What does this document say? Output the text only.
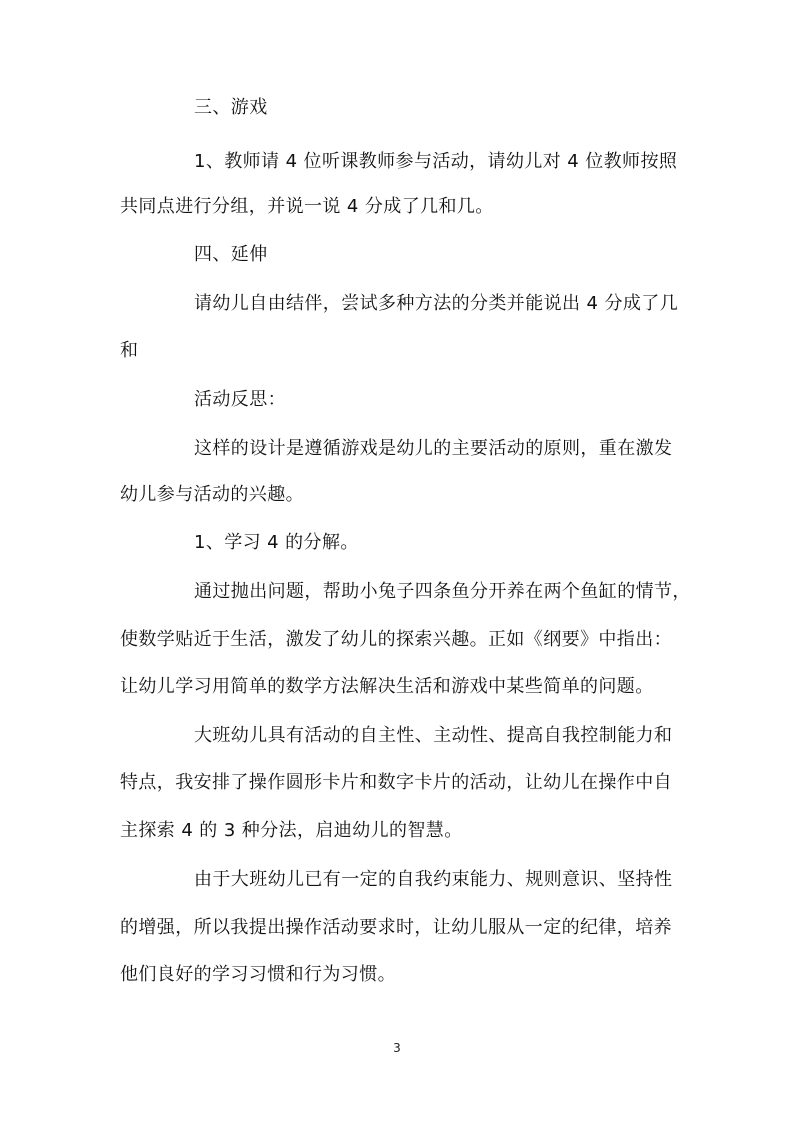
三、游戏
1、教师请 4 位听课教师参与活动，请幼儿对 4 位教师按照
共同点进行分组，并说一说 4 分成了几和几。
四、延伸
请幼儿自由结伴，尝试多种方法的分类并能说出 4 分成了几
和
活动反思：
这样的设计是遵循游戏是幼儿的主要活动的原则，重在激发
幼儿参与活动的兴趣。
1、学习 4 的分解。
通过抛出问题，帮助小兔子四条鱼分开养在两个鱼缸的情节，
使数学贴近于生活，激发了幼儿的探索兴趣。正如《纲要》中指出：
让幼儿学习用简单的数学方法解决生活和游戏中某些简单的问题。
大班幼儿具有活动的自主性、主动性、提高自我控制能力和
特点，我安排了操作圆形卡片和数字卡片的活动，让幼儿在操作中自
主探索 4 的 3 种分法，启迪幼儿的智慧。
由于大班幼儿已有一定的自我约束能力、规则意识、坚持性
的增强，所以我提出操作活动要求时，让幼儿服从一定的纪律，培养
他们良好的学习习惯和行为习惯。
3
